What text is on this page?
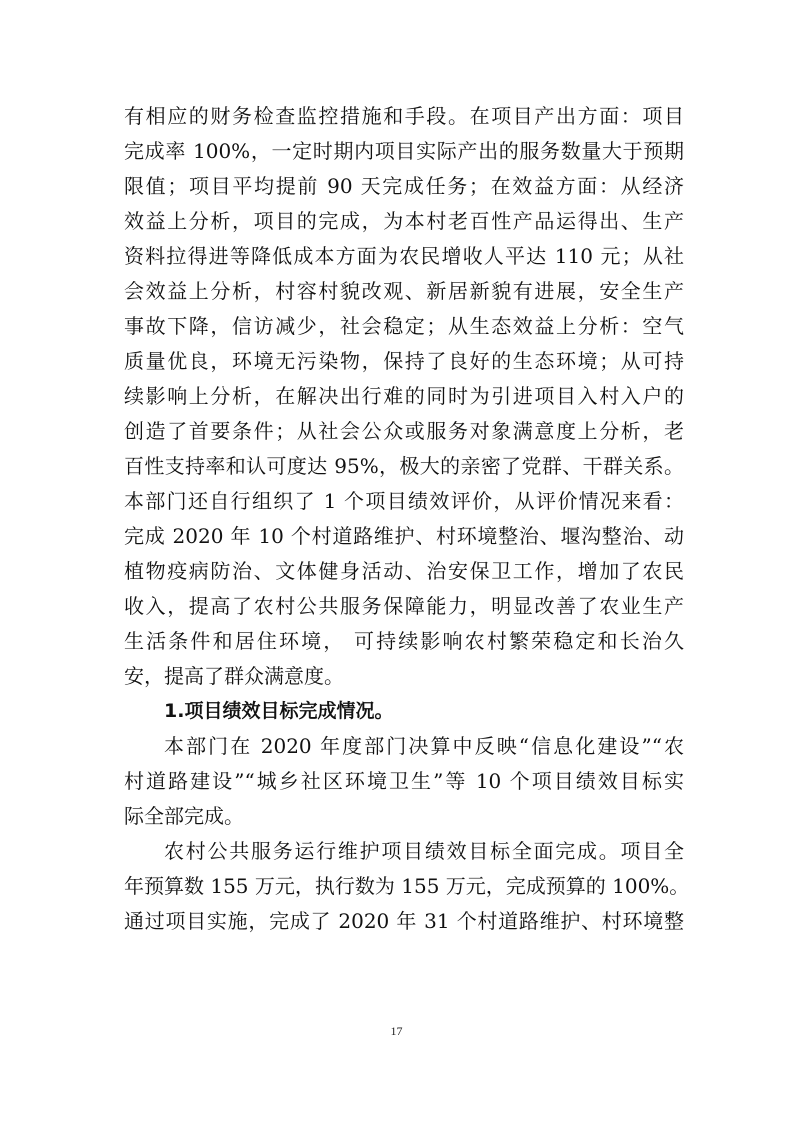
有相应的财务检查监控措施和手段。在项目产出方面：项目
完成率 100%，一定时期内项目实际产出的服务数量大于预期
限值；项目平均提前 90 天完成任务；在效益方面：从经济
效益上分析，项目的完成，为本村老百性产品运得出、生产
资料拉得进等降低成本方面为农民增收人平达 110 元；从社
会效益上分析，村容村貌改观、新居新貌有进展，安全生产
事故下降，信访减少，社会稳定；从生态效益上分析：空气
质量优良，环境无污染物，保持了良好的生态环境；从可持
续影响上分析，在解决出行难的同时为引进项目入村入户的
创造了首要条件；从社会公众或服务对象满意度上分析，老
百性支持率和认可度达 95%，极大的亲密了党群、干群关系。
本部门还自行组织了 1 个项目绩效评价，从评价情况来看：
完成 2020 年 10 个村道路维护、村环境整治、堰沟整治、动
植物疫病防治、文体健身活动、治安保卫工作，增加了农民
收入，提高了农村公共服务保障能力，明显改善了农业生产
生活条件和居住环境， 可持续影响农村繁荣稳定和长治久
安，提高了群众满意度。
1.项目绩效目标完成情况。
本部门在 2020 年度部门决算中反映“信息化建设”“农
村道路建设”“城乡社区环境卫生”等 10 个项目绩效目标实
际全部完成。
农村公共服务运行维护项目绩效目标全面完成。项目全
年预算数 155 万元，执行数为 155 万元，完成预算的 100%。
通过项目实施，完成了 2020 年 31 个村道路维护、村环境整
17
